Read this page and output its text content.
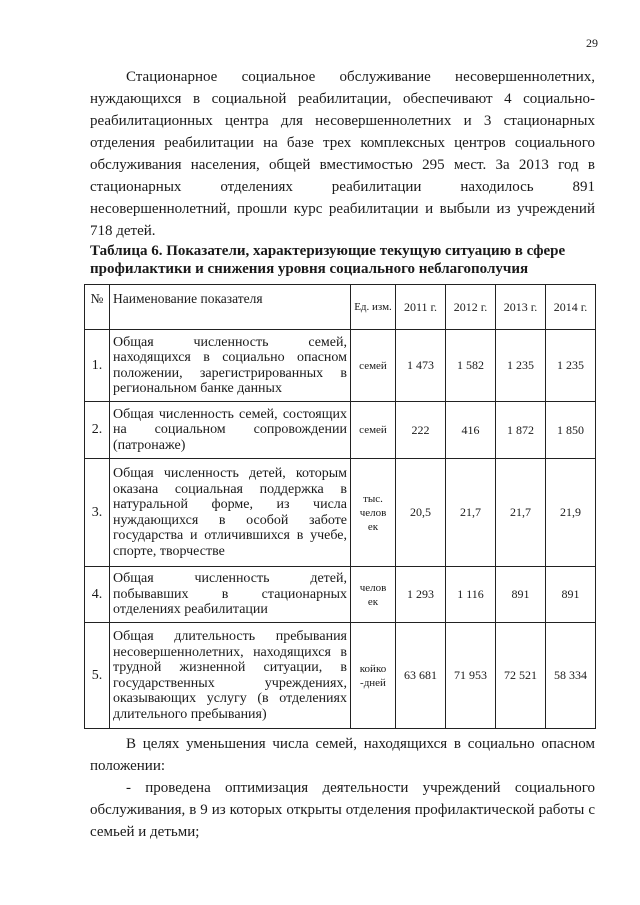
29
Стационарное социальное обслуживание несовершеннолетних, нуждающихся в социальной реабилитации, обеспечивают 4 социально-реабилитационных центра для несовершеннолетних и 3 стационарных отделения реабилитации на базе трех комплексных центров социального обслуживания населения, общей вместимостью 295 мест. За 2013 год в стационарных отделениях реабилитации находилось 891 несовершеннолетний, прошли курс реабилитации и выбыли из учреждений 718 детей.
Таблица 6. Показатели, характеризующие текущую ситуацию в сфере профилактики и снижения уровня социального неблагополучия
№	Наименование показателя	Ед. изм.	2011 г.	2012 г.	2013 г.	2014 г.
1.	Общая численность семей, находящихся в социально опасном положении, зарегистрированных в региональном банке данных	семей	1 473	1 582	1 235	1 235
2.	Общая численность семей, состоящих на социальном сопровождении (патронаже)	семей	222	416	1 872	1 850
3.	Общая численность детей, которым оказана социальная поддержка в натуральной форме, из числа нуждающихся в особой заботе государства и отличившихся в учебе, спорте, творчестве	тыс. челов ек	20,5	21,7	21,7	21,9
4.	Общая численность детей, побывавших в стационарных отделениях реабилитации	челов ек	1 293	1 116	891	891
5.	Общая длительность пребывания несовершеннолетних, находящихся в трудной жизненной ситуации, в государственных учреждениях, оказывающих услугу (в отделениях длительного пребывания)	койко -дней	63 681	71 953	72 521	58 334
В целях уменьшения числа семей, находящихся в социально опасном положении:
- проведена оптимизация деятельности учреждений социального обслуживания, в 9 из которых открыты отделения профилактической работы с семьей и детьми;
